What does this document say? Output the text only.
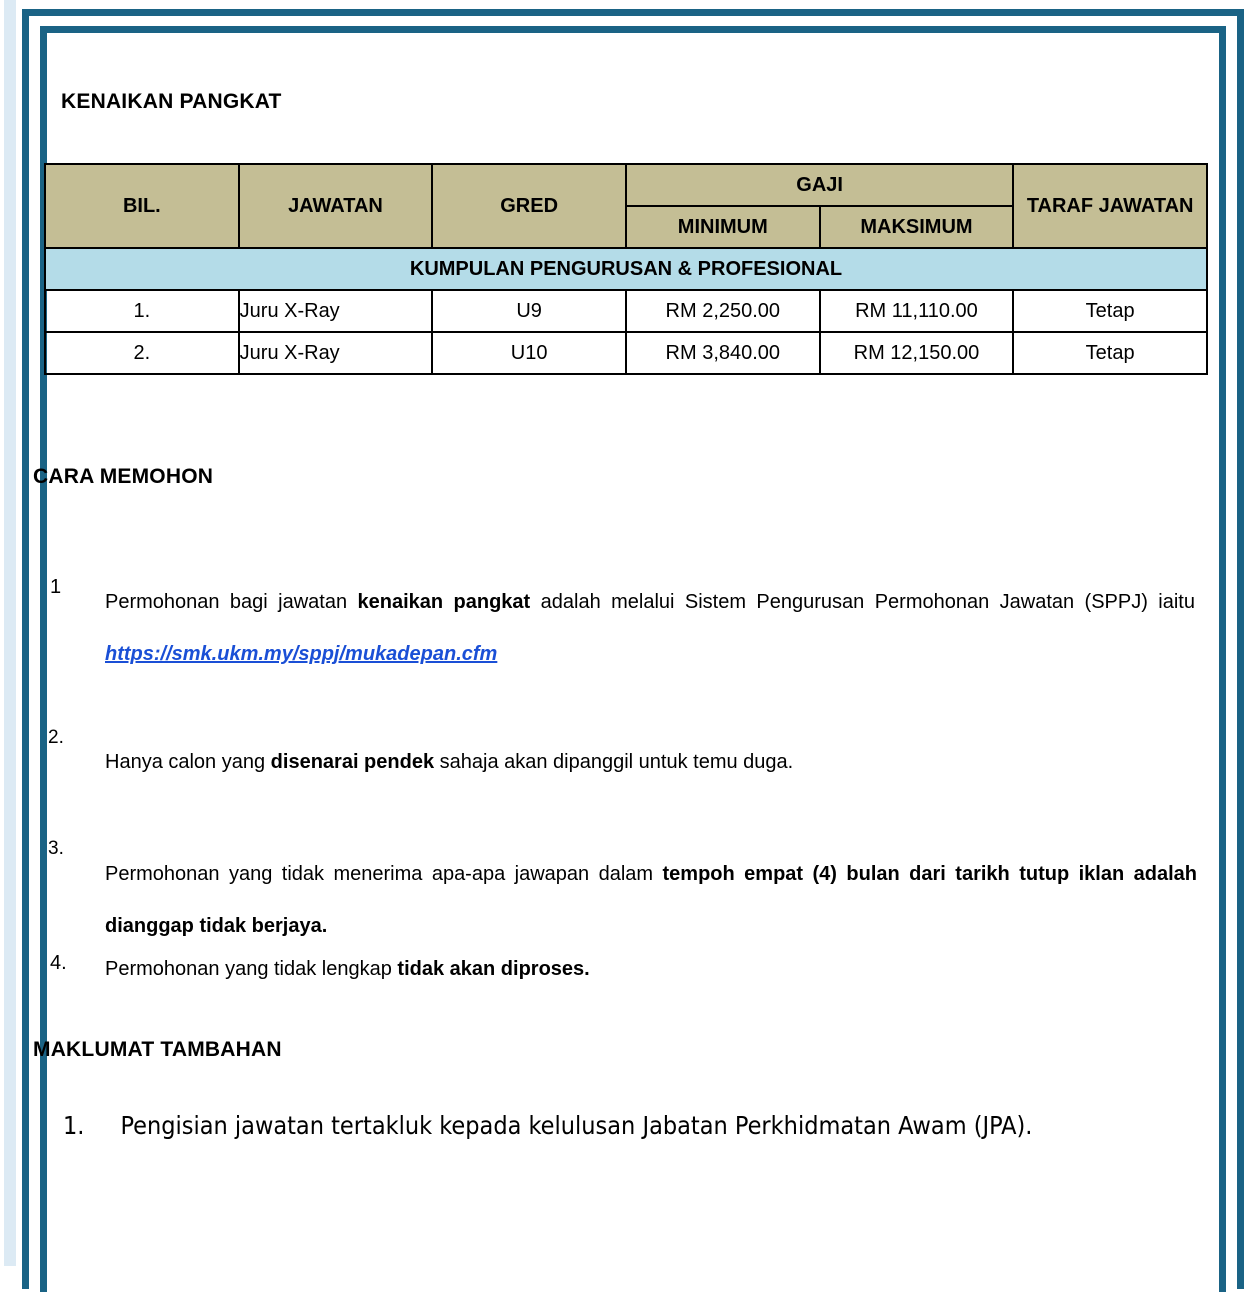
KENAIKAN PANGKAT
BIL.	JAWATAN	GRED	GAJI		TARAF JAWATAN
			MINIMUM	MAKSIMUM	
KUMPULAN PENGURUSAN & PROFESIONAL					
1.	Juru X-Ray	U9	RM 2,250.00	RM 11,110.00	Tetap
2.	Juru X-Ray	U10	RM 3,840.00	RM 12,150.00	Tetap
CARA MEMOHON
1
Permohonan bagi jawatan kenaikan pangkat adalah melalui Sistem Pengurusan Permohonan Jawatan (SPPJ) iaitu https://smk.ukm.my/sppj/mukadepan.cfm
2.
Hanya calon yang disenarai pendek sahaja akan dipanggil untuk temu duga.
3.
Permohonan yang tidak menerima apa-apa jawapan dalam tempoh empat (4) bulan dari tarikh tutup iklan adalah dianggap tidak berjaya.
4. Permohonan yang tidak lengkap tidak akan diproses.
MAKLUMAT TAMBAHAN
1. Pengisian jawatan tertakluk kepada kelulusan Jabatan Perkhidmatan Awam (JPA).
